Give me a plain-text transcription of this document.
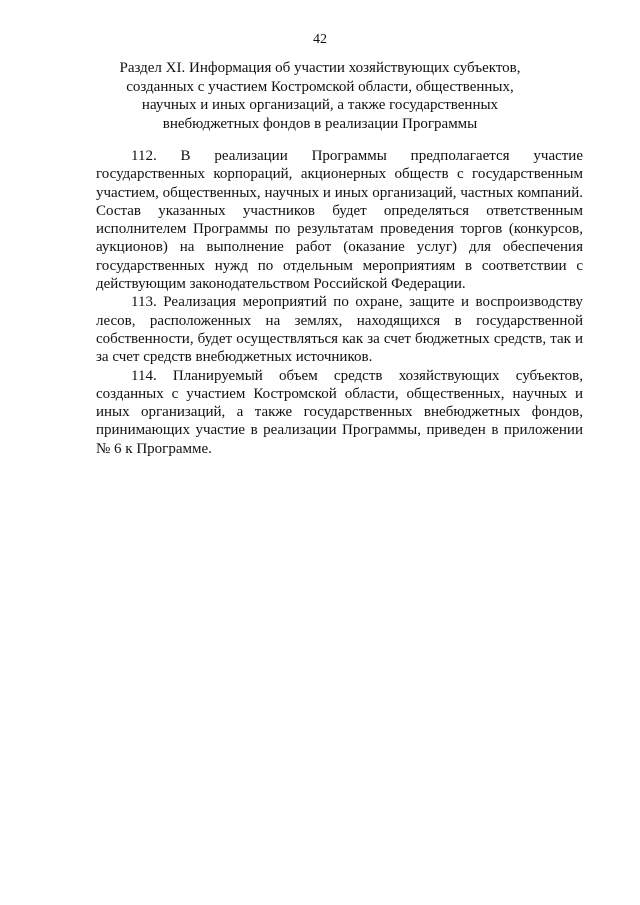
42
Раздел XI. Информация об участии хозяйствующих субъектов,
созданных с участием Костромской области, общественных,
научных и иных организаций, а также государственных
внебюджетных фондов в реализации Программы

112. В реализации Программы предполагается участие государственных корпораций, акционерных обществ с государственным участием, общественных, научных и иных организаций, частных компаний. Состав указанных участников будет определяться ответственным исполнителем Программы по результатам проведения торгов (конкурсов, аукционов) на выполнение работ (оказание услуг) для обеспечения государственных нужд по отдельным мероприятиям в соответствии с действующим законодательством Российской Федерации.

113. Реализация мероприятий по охране, защите и воспроизводству лесов, расположенных на землях, находящихся в государственной собственности, будет осуществляться как за счет бюджетных средств, так и за счет средств внебюджетных источников.

114. Планируемый объем средств хозяйствующих субъектов, созданных с участием Костромской области, общественных, научных и иных организаций, а также государственных внебюджетных фондов, принимающих участие в реализации Программы, приведен в приложении № 6 к Программе.
